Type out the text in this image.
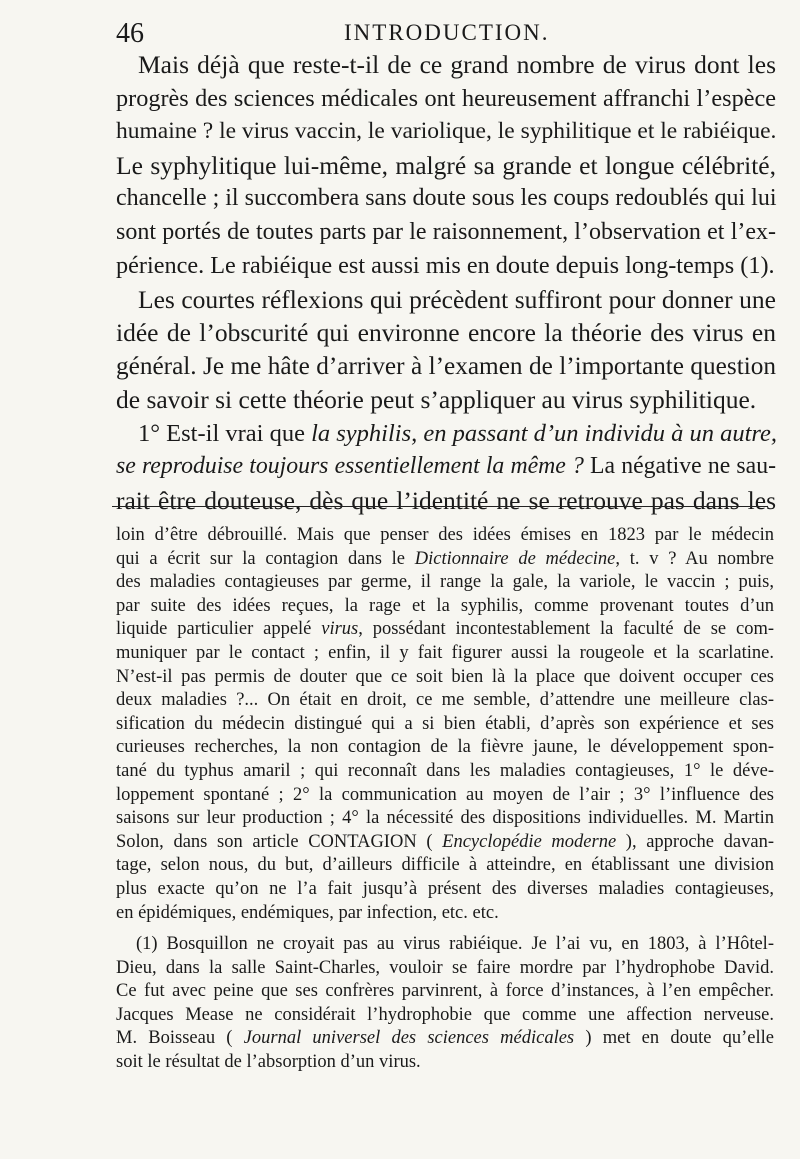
46	INTRODUCTION.
Mais déjà que reste-t-il de ce grand nombre de virus dont les
progrès des sciences médicales ont heureusement affranchi l’espèce
humaine ? le virus vaccin, le variolique, le syphilitique et le rabiéique.
Le syphylitique lui-même, malgré sa grande et longue célébrité,
chancelle ; il succombera sans doute sous les coups redoublés qui lui
sont portés de toutes parts par le raisonnement, l’observation et l’ex-
périence. Le rabiéique est aussi mis en doute depuis long-temps (1).
Les courtes réflexions qui précèdent suffiront pour donner une
idée de l’obscurité qui environne encore la théorie des virus en
général. Je me hâte d’arriver à l’examen de l’importante question
de savoir si cette théorie peut s’appliquer au virus syphilitique.
1° Est-il vrai que la syphilis, en passant d’un individu à un autre,
se reproduise toujours essentiellement la même ? La négative ne sau-
rait être douteuse, dès que l’identité ne se retrouve pas dans les
loin d’être débrouillé. Mais que penser des idées émises en 1823 par le médecin
qui a écrit sur la contagion dans le Dictionnaire de médecine, t. v ? Au nombre
des maladies contagieuses par germe, il range la gale, la variole, le vaccin ; puis,
par suite des idées reçues, la rage et la syphilis, comme provenant toutes d’un
liquide particulier appelé virus, possédant incontestablement la faculté de se com-
muniquer par le contact ; enfin, il y fait figurer aussi la rougeole et la scarlatine.
N’est-il pas permis de douter que ce soit bien là la place que doivent occuper ces
deux maladies ?... On était en droit, ce me semble, d’attendre une meilleure clas-
sification du médecin distingué qui a si bien établi, d’après son expérience et ses
curieuses recherches, la non contagion de la fièvre jaune, le développement spon-
tané du typhus amaril ; qui reconnaît dans les maladies contagieuses, 1° le déve-
loppement spontané ; 2° la communication au moyen de l’air ; 3° l’influence des
saisons sur leur production ; 4° la nécessité des dispositions individuelles. M. Martin
Solon, dans son article CONTAGION ( Encyclopédie moderne ), approche davan-
tage, selon nous, du but, d’ailleurs difficile à atteindre, en établissant une division
plus exacte qu’on ne l’a fait jusqu’à présent des diverses maladies contagieuses,
en épidémiques, endémiques, par infection, etc. etc.
(1) Bosquillon ne croyait pas au virus rabiéique. Je l’ai vu, en 1803, à l’Hôtel-
Dieu, dans la salle Saint-Charles, vouloir se faire mordre par l’hydrophobe David.
Ce fut avec peine que ses confrères parvinrent, à force d’instances, à l’en empêcher.
Jacques Mease ne considérait l’hydrophobie que comme une affection nerveuse.
M. Boisseau ( Journal universel des sciences médicales ) met en doute qu’elle
soit le résultat de l’absorption d’un virus.
